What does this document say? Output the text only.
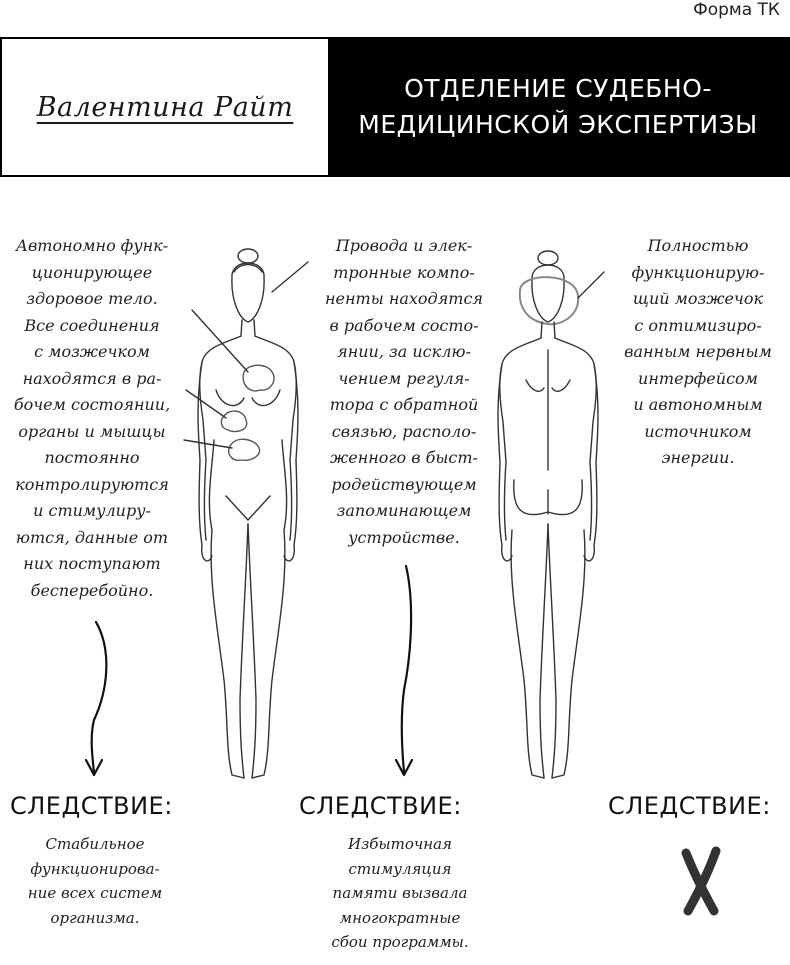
Форма ТК
Валентина Райт
ОТДЕЛЕНИЕ СУДЕБНО-
МЕДИЦИНСКОЙ ЭКСПЕРТИЗЫ
Автономно функ-
ционирующее
здоровое тело.
Все соединения
с мозжечком
находятся в ра-
бочем состоянии,
органы и мышцы
постоянно
контролируются
и стимулиру-
ются, данные от
них поступают
бесперебойно.
Провода и элек-
тронные компо-
ненты находятся
в рабочем состо-
янии, за исклю-
чением регуля-
тора с обратной
связью, располо-
женного в быст-
родействующем
запоминающем
устройстве.
Полностью
функционирую-
щий мозжечок
с оптимизиро-
ванным нервным
интерфейсом
и автономным
источником
энергии.
СЛЕДСТВИЕ:	СЛЕДСТВИЕ:	СЛЕДСТВИЕ:
Стабильное
функционирова-
ние всех систем
организма.
Избыточная
стимуляция
памяти вызвала
многократные
сбои программы.
Х
